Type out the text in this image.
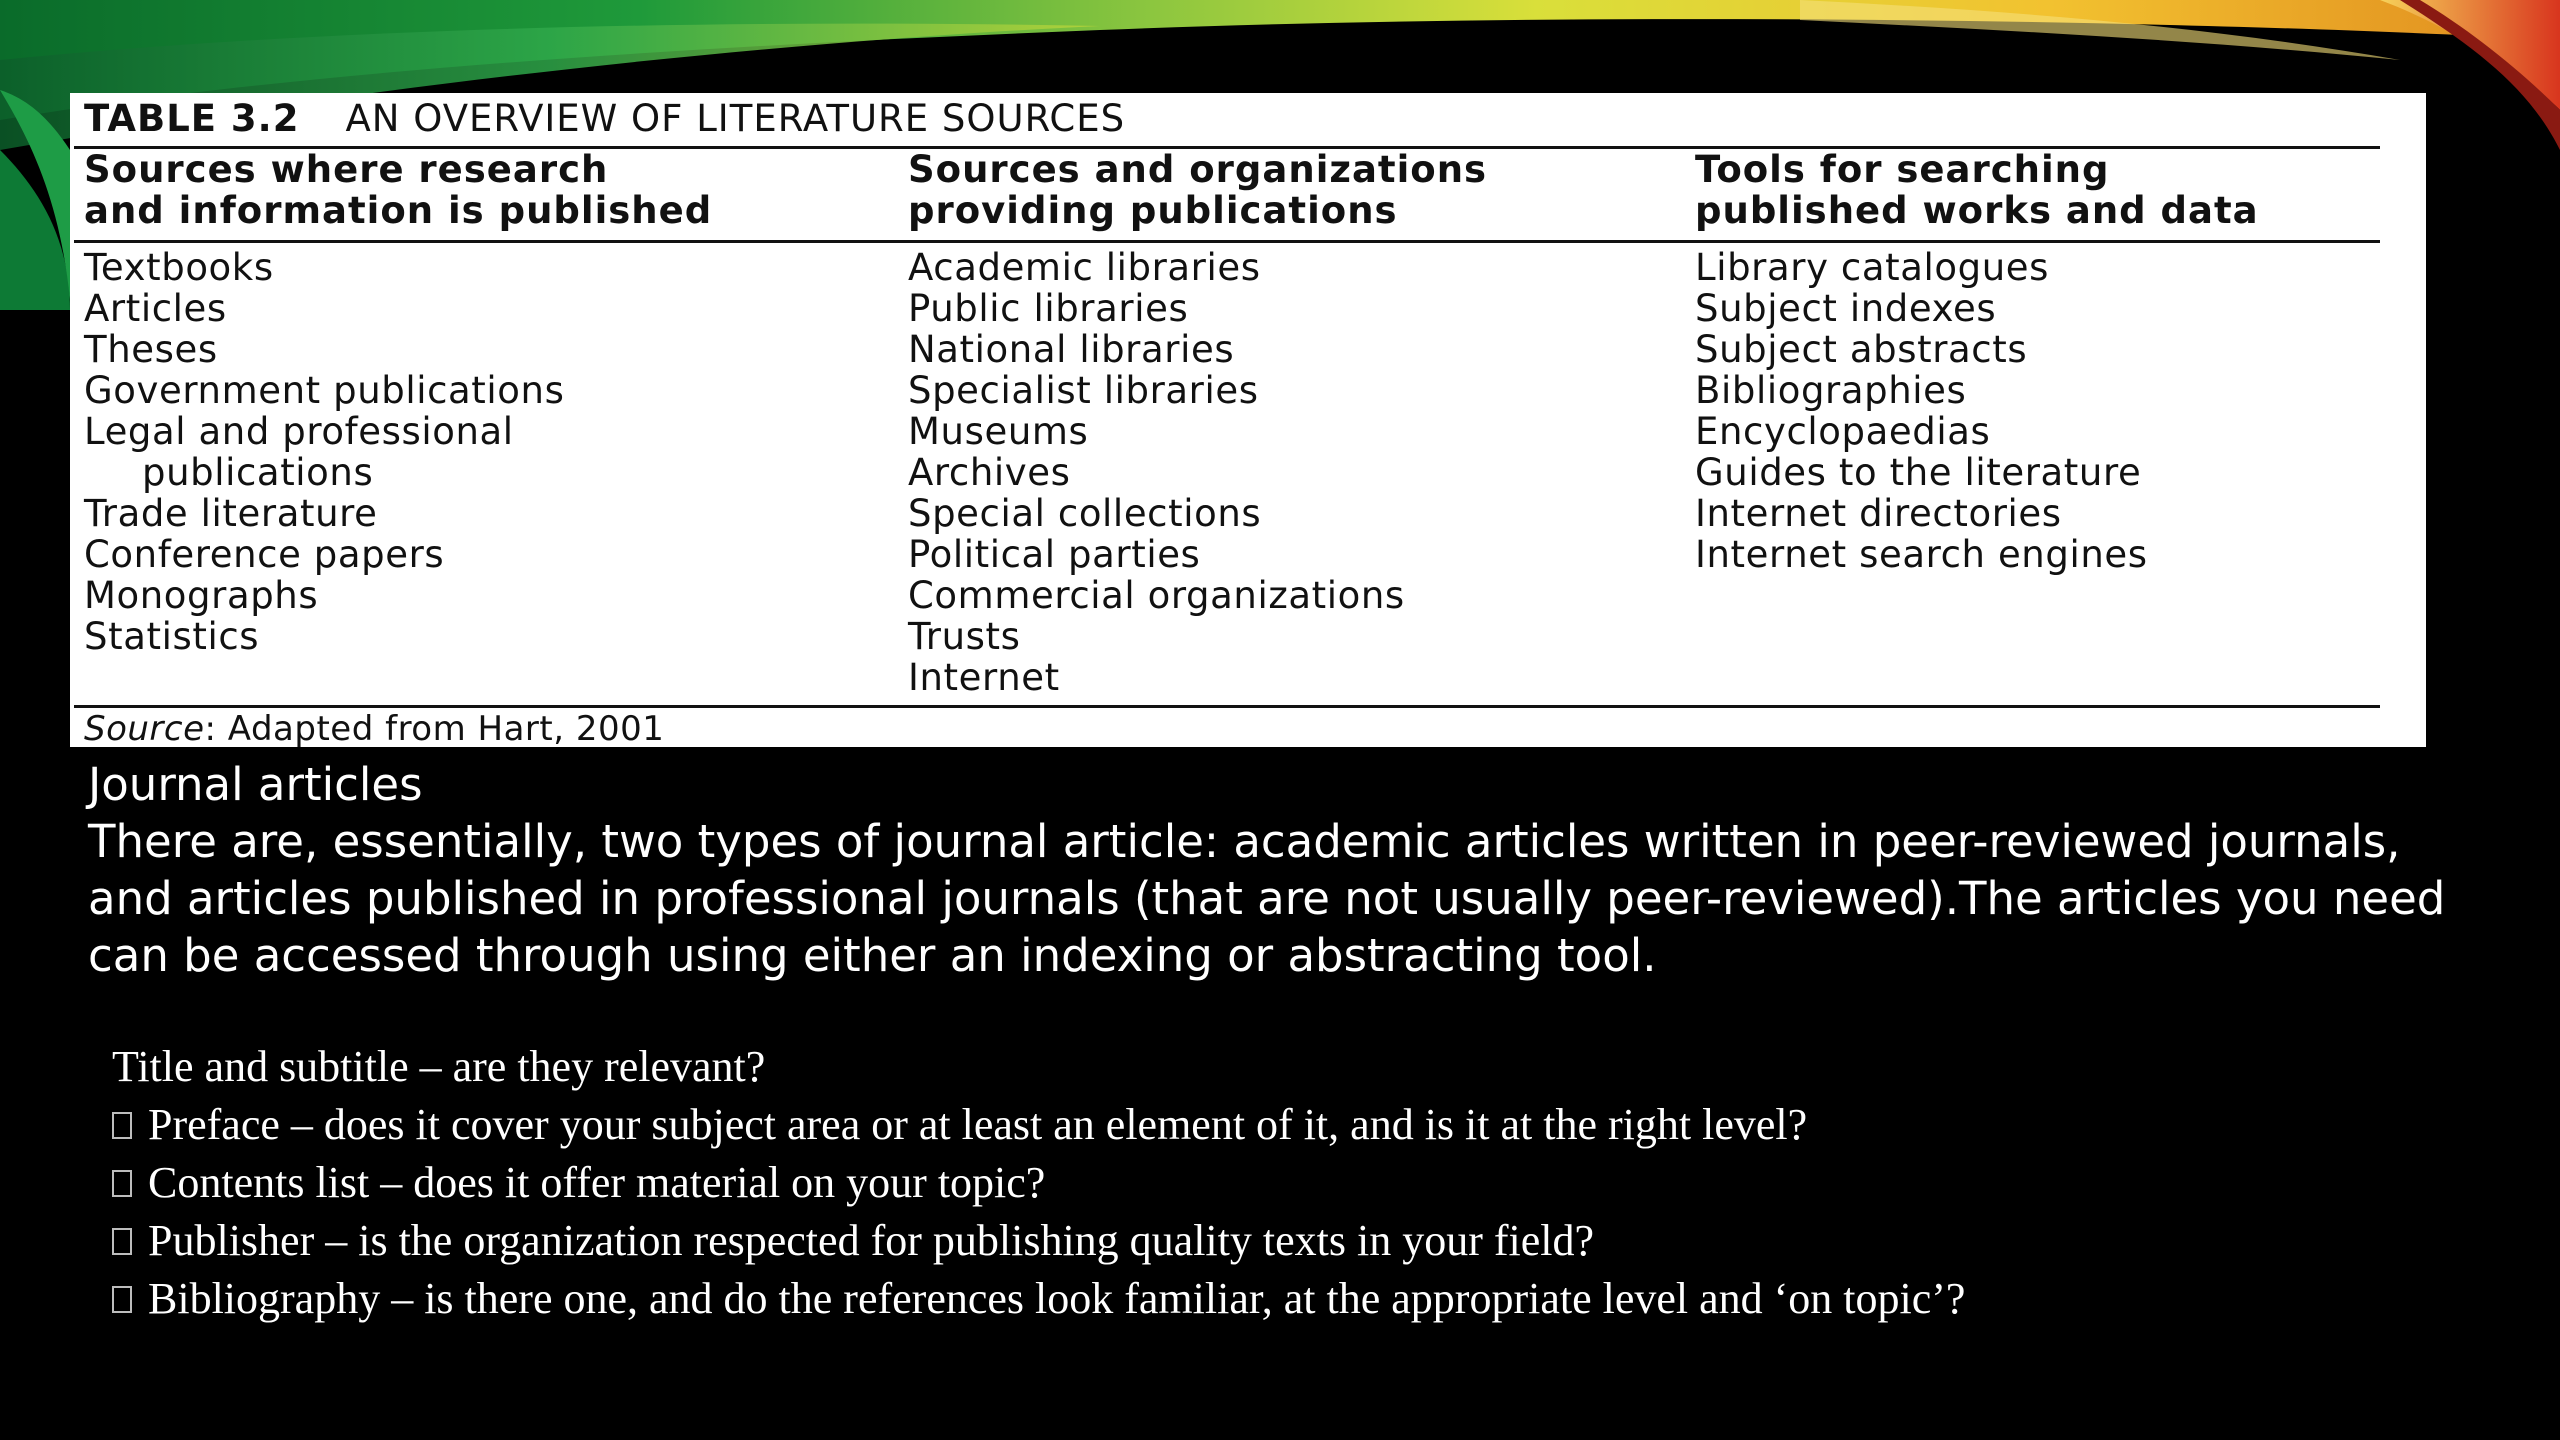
TABLE 3.2 AN OVERVIEW OF LITERATURE SOURCES
Sources where research
and information is published
Textbooks
Articles
Theses
Government publications
Legal and professional
publications
Trade literature
Conference papers
Monographs
Statistics
Sources and organizations
providing publications
Academic libraries
Public libraries
National libraries
Specialist libraries
Museums
Archives
Special collections
Political parties
Commercial organizations
Trusts
Internet
Tools for searching
published works and data
Library catalogues
Subject indexes
Subject abstracts
Bibliographies
Encyclopaedias
Guides to the literature
Internet directories
Internet search engines
Source: Adapted from Hart, 2001

Journal articles

There are, essentially, two types of journal article: academic articles written in peer-reviewed journals, and articles published in professional journals (that are not usually peer-reviewed).The articles you need can be accessed through using either an indexing or abstracting tool.

Title and subtitle – are they relevant?
Preface – does it cover your subject area or at least an element of it, and is it at the right level?
Contents list – does it offer material on your topic?
Publisher – is the organization respected for publishing quality texts in your field?
Bibliography – is there one, and do the references look familiar, at the appropriate level and ‘on topic’?
